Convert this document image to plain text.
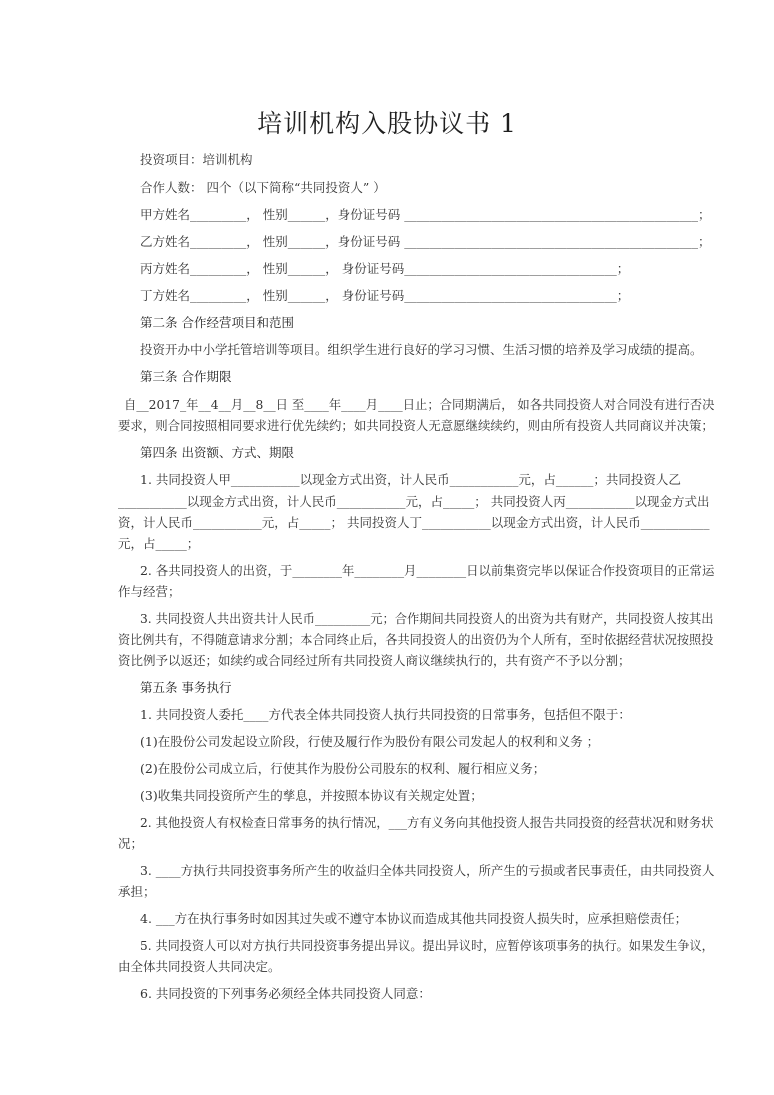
培训机构入股协议书 1
投资项目：培训机构
合作人数： 四个（以下简称“共同投资人” ）
甲方姓名_________， 性别______，身份证号码 _______________________________________________；
乙方姓名_________， 性别______，身份证号码 _______________________________________________；
丙方姓名_________， 性别______， 身份证号码__________________________________；
丁方姓名_________， 性别______， 身份证号码__________________________________；
第二条 合作经营项目和范围
投资开办中小学托管培训等项目。组织学生进行良好的学习习惯、生活习惯的培养及学习成绩的提高。
第三条 合作期限
自__2017_年__4__月__8__日 至____年____月____日止；合同期满后， 如各共同投资人对合同没有进行否决
要求，则合同按照相同要求进行优先续约；如共同投资人无意愿继续续约，则由所有投资人共同商议并决策；
第四条 出资额、方式、期限
1. 共同投资人甲___________以现金方式出资，计人民币___________元，占______；共同投资人乙
___________以现金方式出资，计人民币___________元，占_____； 共同投资人丙___________以现金方式出
资，计人民币___________元，占_____； 共同投资人丁___________以现金方式出资，计人民币___________
元，占_____；
2. 各共同投资人的出资，于________年________月________日以前集资完毕以保证合作投资项目的正常运
作与经营；
3. 共同投资人共出资共计人民币_________元；合作期间共同投资人的出资为共有财产，共同投资人按其出
资比例共有，不得随意请求分割；本合同终止后，各共同投资人的出资仍为个人所有，至时依据经营状况按照投
资比例予以返还；如续约或合同经过所有共同投资人商议继续执行的，共有资产不予以分割；
第五条 事务执行
1. 共同投资人委托____方代表全体共同投资人执行共同投资的日常事务，包括但不限于：
(1)在股份公司发起设立阶段，行使及履行作为股份有限公司发起人的权利和义务 ；
(2)在股份公司成立后，行使其作为股份公司股东的权利、履行相应义务；
(3)收集共同投资所产生的孳息，并按照本协议有关规定处置；
2. 其他投资人有权检查日常事务的执行情况，___方有义务向其他投资人报告共同投资的经营状况和财务状
况；
3. ____方执行共同投资事务所产生的收益归全体共同投资人，所产生的亏损或者民事责任，由共同投资人
承担；
4. ___方在执行事务时如因其过失或不遵守本协议而造成其他共同投资人损失时，应承担赔偿责任；
5. 共同投资人可以对方执行共同投资事务提出异议。提出异议时，应暂停该项事务的执行。如果发生争议，
由全体共同投资人共同决定。
6. 共同投资的下列事务必须经全体共同投资人同意：
